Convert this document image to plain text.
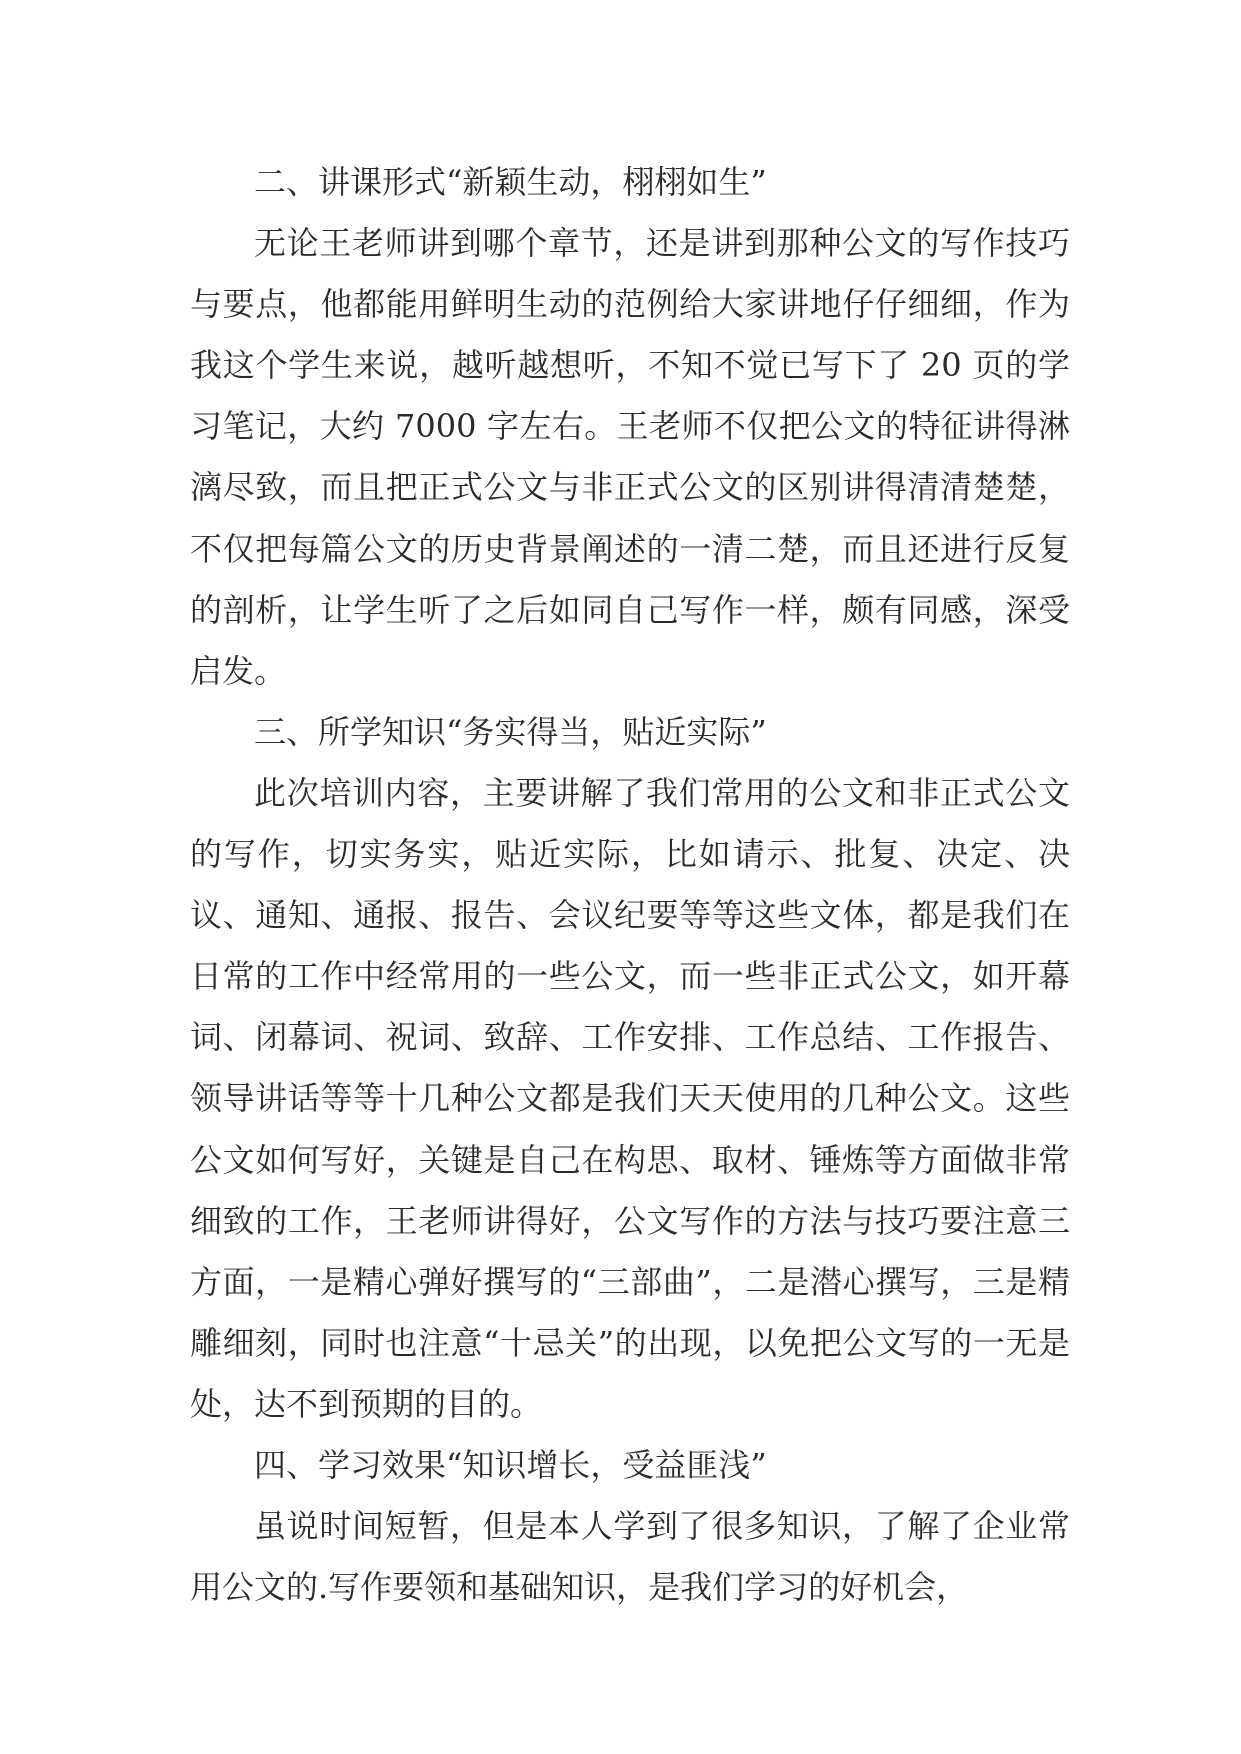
二、讲课形式“新颖生动，栩栩如生”

无论王老师讲到哪个章节，还是讲到那种公文的写作技巧与要点，他都能用鲜明生动的范例给大家讲地仔仔细细，作为我这个学生来说，越听越想听，不知不觉已写下了 20 页的学习笔记，大约 7000 字左右。王老师不仅把公文的特征讲得淋漓尽致，而且把正式公文与非正式公文的区别讲得清清楚楚，不仅把每篇公文的历史背景阐述的一清二楚，而且还进行反复的剖析，让学生听了之后如同自己写作一样，颇有同感，深受启发。

三、所学知识“务实得当，贴近实际”

此次培训内容，主要讲解了我们常用的公文和非正式公文的写作，切实务实，贴近实际，比如请示、批复、决定、决议、通知、通报、报告、会议纪要等等这些文体，都是我们在日常的工作中经常用的一些公文，而一些非正式公文，如开幕词、闭幕词、祝词、致辞、工作安排、工作总结、工作报告、领导讲话等等十几种公文都是我们天天使用的几种公文。这些公文如何写好，关键是自己在构思、取材、锤炼等方面做非常细致的工作，王老师讲得好，公文写作的方法与技巧要注意三方面，一是精心弹好撰写的“三部曲”，二是潜心撰写，三是精雕细刻，同时也注意“十忌关”的出现，以免把公文写的一无是处，达不到预期的目的。

四、学习效果“知识增长，受益匪浅”

虽说时间短暂，但是本人学到了很多知识，了解了企业常用公文的.写作要领和基础知识，是我们学习的好机会，
